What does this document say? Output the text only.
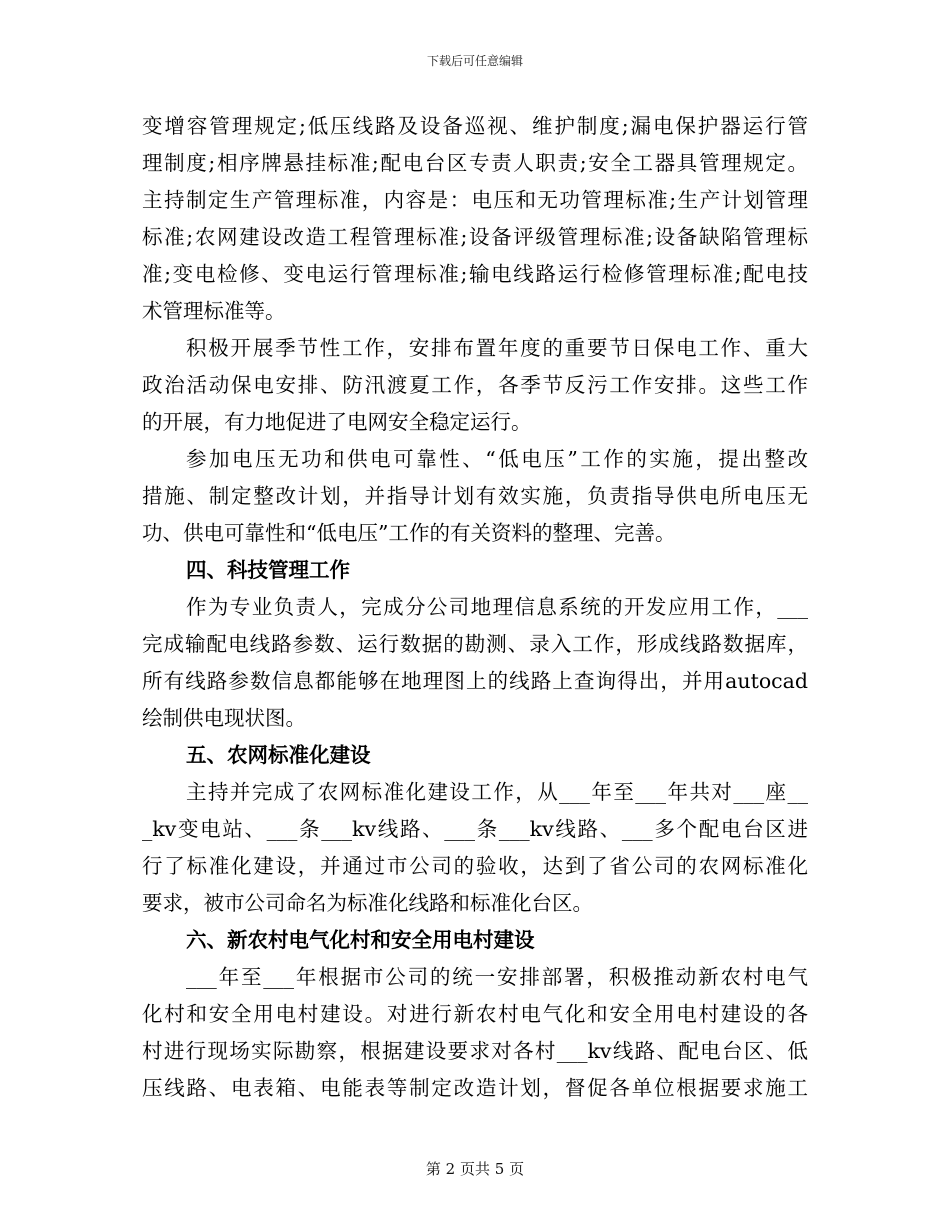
下载后可任意编辑

变增容管理规定;低压线路及设备巡视、维护制度;漏电保护器运行管
理制度;相序牌悬挂标准;配电台区专责人职责;安全工器具管理规定。
主持制定生产管理标准，内容是：电压和无功管理标准;生产计划管理
标准;农网建设改造工程管理标准;设备评级管理标准;设备缺陷管理标
准;变电检修、变电运行管理标准;输电线路运行检修管理标准;配电技
术管理标准等。

积极开展季节性工作，安排布置年度的重要节日保电工作、重大
政治活动保电安排、防汛渡夏工作，各季节反污工作安排。这些工作
的开展，有力地促进了电网安全稳定运行。

参加电压无功和供电可靠性、“低电压”工作的实施，提出整改
措施、制定整改计划，并指导计划有效实施，负责指导供电所电压无
功、供电可靠性和“低电压”工作的有关资料的整理、完善。

四、科技管理工作

作为专业负责人，完成分公司地理信息系统的开发应用工作，___
完成输配电线路参数、运行数据的勘测、录入工作，形成线路数据库，
所有线路参数信息都能够在地理图上的线路上查询得出，并用autocad
绘制供电现状图。

五、农网标准化建设

主持并完成了农网标准化建设工作，从___年至___年共对___座__
_kv变电站、___条___kv线路、___条___kv线路、___多个配电台区进
行了标准化建设，并通过市公司的验收，达到了省公司的农网标准化
要求，被市公司命名为标准化线路和标准化台区。

六、新农村电气化村和安全用电村建设

___年至___年根据市公司的统一安排部署，积极推动新农村电气
化村和安全用电村建设。对进行新农村电气化和安全用电村建设的各
村进行现场实际勘察，根据建设要求对各村___kv线路、配电台区、低
压线路、电表箱、电能表等制定改造计划，督促各单位根据要求施工

第 2 页共 5 页
